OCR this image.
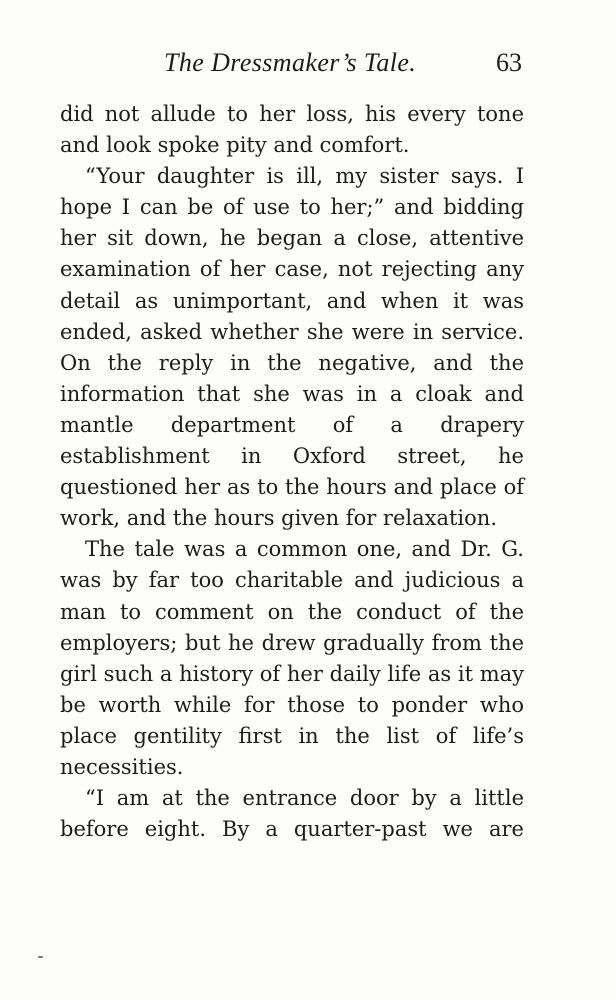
The Dressmaker’s Tale.	63

did not allude to her loss, his every tone and look spoke pity and comfort.

“Your daughter is ill, my sister says. I hope I can be of use to her;” and bidding her sit down, he began a close, attentive examination of her case, not rejecting any detail as unimportant, and when it was ended, asked whether she were in service. On the reply in the negative, and the information that she was in a cloak and mantle department of a drapery establishment in Oxford street, he questioned her as to the hours and place of work, and the hours given for relaxation.

The tale was a common one, and Dr. G. was by far too charitable and judicious a man to comment on the conduct of the employers; but he drew gradually from the girl such a history of her daily life as it may be worth while for those to ponder who place gentility first in the list of life’s necessities.

“I am at the entrance door by a little before eight. By a quarter-past we are
